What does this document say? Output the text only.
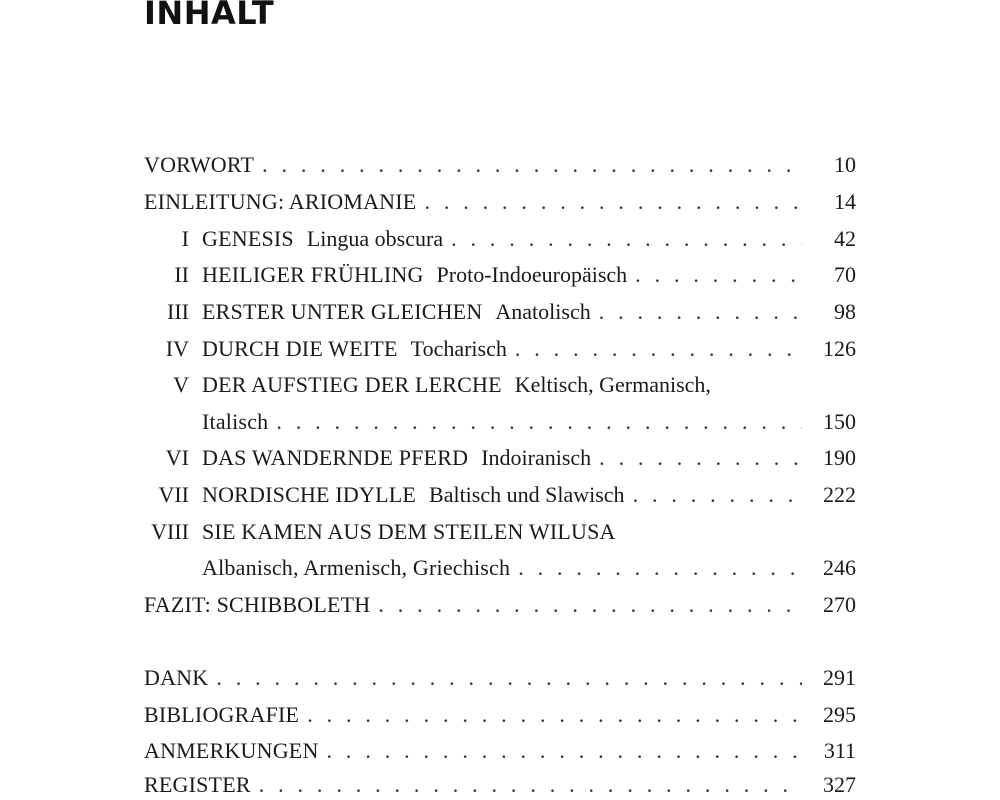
INHALT
VORWORT . . .	10
EINLEITUNG: ARIOMANIE . . .	14
I GENESIS Lingua obscura . . .	42
II HEILIGER FRÜHLING Proto-Indoeuropäisch . . .	70
III ERSTER UNTER GLEICHEN Anatolisch . . .	98
IV DURCH DIE WEITE Tocharisch . . .	126
V DER AUFSTIEG DER LERCHE Keltisch, Germanisch,
Italisch . . .	150
VI DAS WANDERNDE PFERD Indoiranisch . . .	190
VII NORDISCHE IDYLLE Baltisch und Slawisch . . .	222
VIII SIE KAMEN AUS DEM STEILEN WILUSA
Albanisch, Armenisch, Griechisch . . .	246
FAZIT: SCHIBBOLETH . . .	270
DANK . . .	291
BIBLIOGRAFIE . . .	295
ANMERKUNGEN . . .	311
REGISTER . . .	327
